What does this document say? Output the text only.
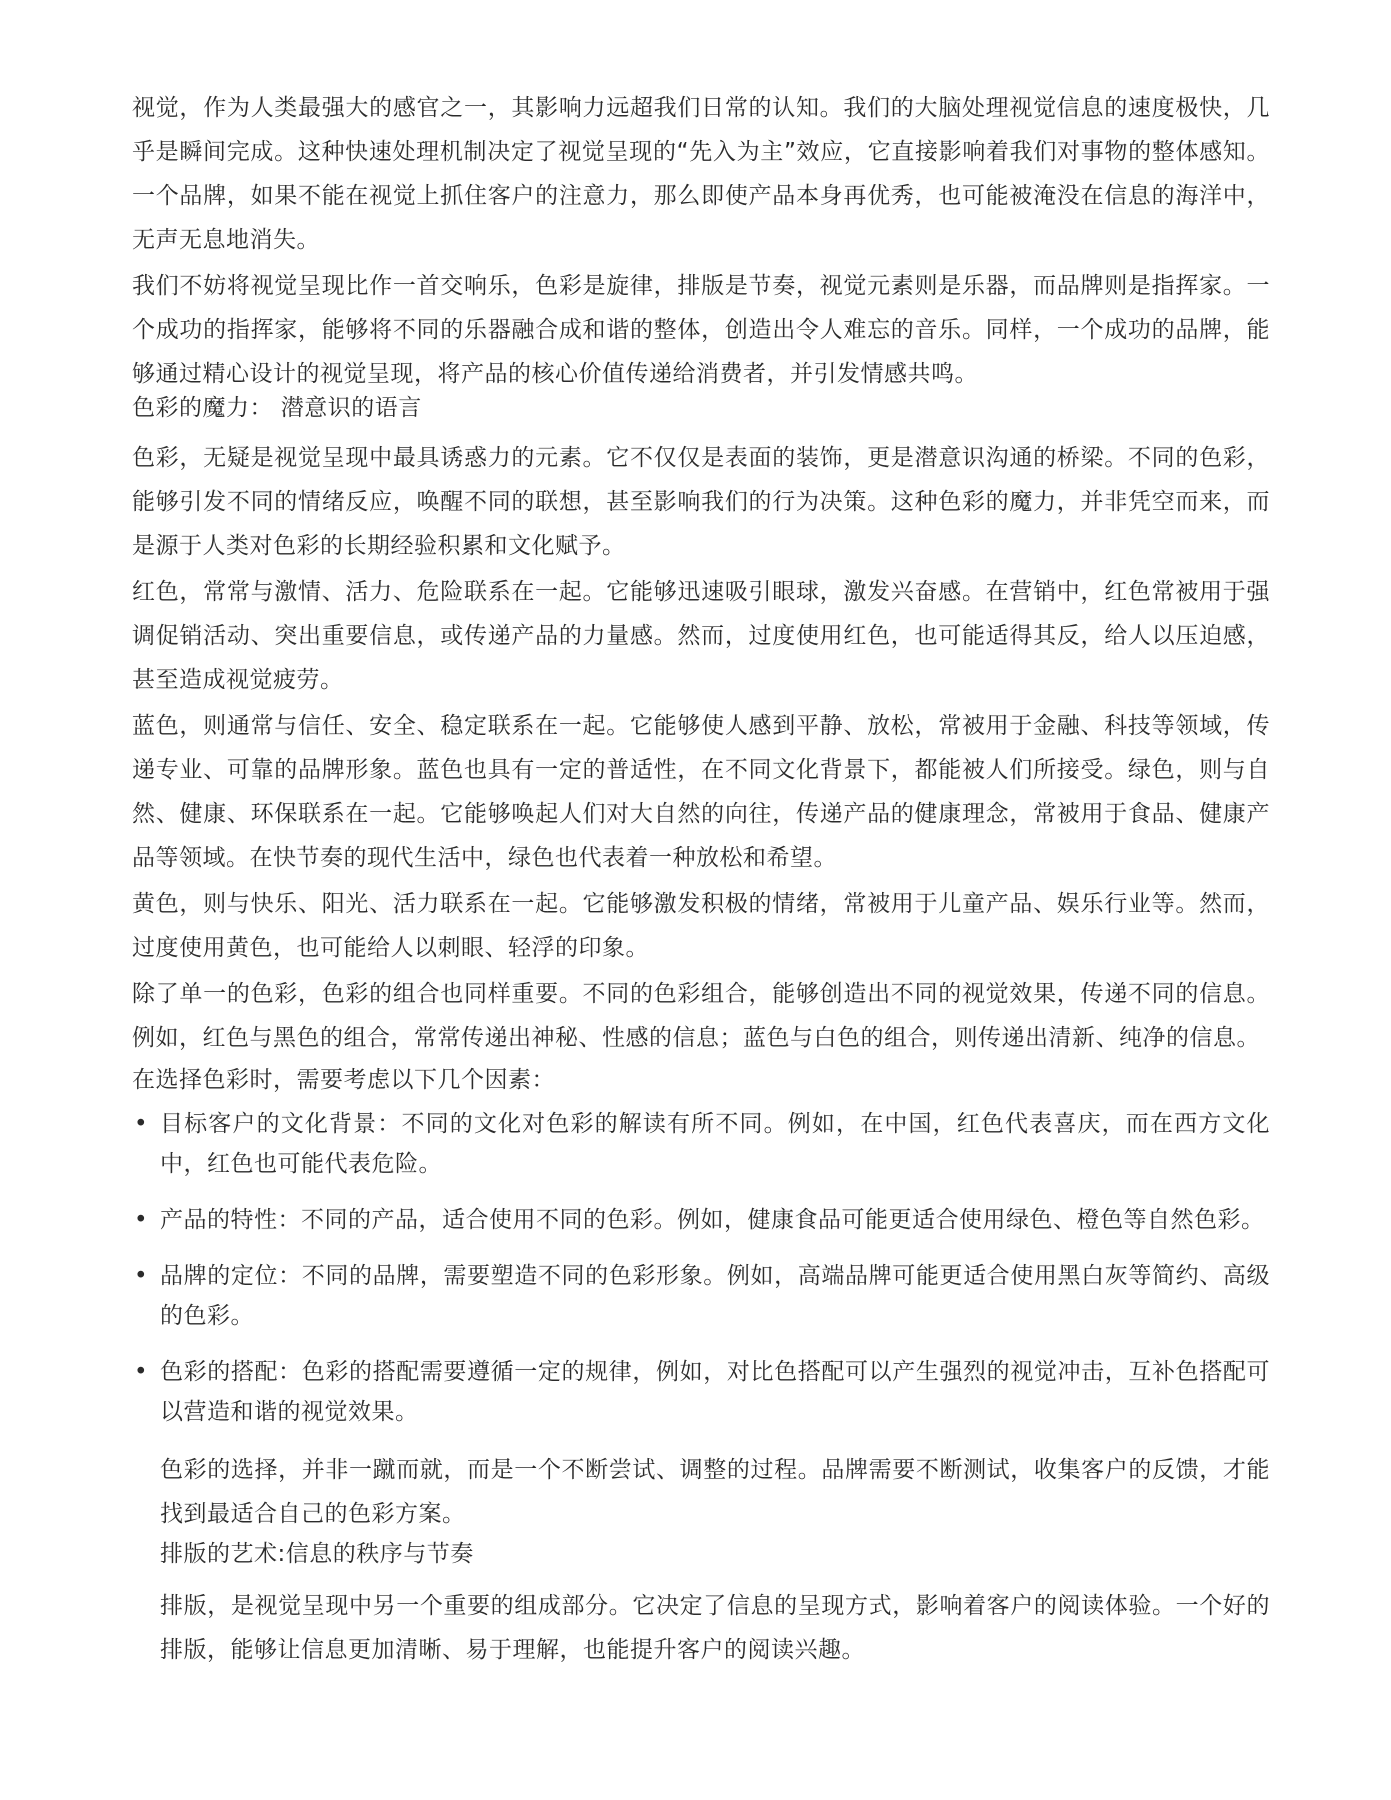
视觉，作为人类最强大的感官之一，其影响力远超我们日常的认知。我们的大脑处理视觉信息的速度极快，几乎是瞬间完成。这种快速处理机制决定了视觉呈现的“先入为主”效应，它直接影响着我们对事物的整体感知。一个品牌，如果不能在视觉上抓住客户的注意力，那么即使产品本身再优秀，也可能被淹没在信息的海洋中，无声无息地消失。

我们不妨将视觉呈现比作一首交响乐，色彩是旋律，排版是节奏，视觉元素则是乐器，而品牌则是指挥家。一个成功的指挥家，能够将不同的乐器融合成和谐的整体，创造出令人难忘的音乐。同样，一个成功的品牌，能够通过精心设计的视觉呈现，将产品的核心价值传递给消费者，并引发情感共鸣。

色彩的魔力： 潜意识的语言

色彩，无疑是视觉呈现中最具诱惑力的元素。它不仅仅是表面的装饰，更是潜意识沟通的桥梁。不同的色彩，能够引发不同的情绪反应，唤醒不同的联想，甚至影响我们的行为决策。这种色彩的魔力，并非凭空而来，而是源于人类对色彩的长期经验积累和文化赋予。

红色，常常与激情、活力、危险联系在一起。它能够迅速吸引眼球，激发兴奋感。在营销中，红色常被用于强调促销活动、突出重要信息，或传递产品的力量感。然而，过度使用红色，也可能适得其反，给人以压迫感，甚至造成视觉疲劳。

蓝色，则通常与信任、安全、稳定联系在一起。它能够使人感到平静、放松，常被用于金融、科技等领域，传递专业、可靠的品牌形象。蓝色也具有一定的普适性，在不同文化背景下，都能被人们所接受。绿色，则与自然、健康、环保联系在一起。它能够唤起人们对大自然的向往，传递产品的健康理念，常被用于食品、健康产品等领域。在快节奏的现代生活中，绿色也代表着一种放松和希望。

黄色，则与快乐、阳光、活力联系在一起。它能够激发积极的情绪，常被用于儿童产品、娱乐行业等。然而，过度使用黄色，也可能给人以刺眼、轻浮的印象。

除了单一的色彩，色彩的组合也同样重要。不同的色彩组合，能够创造出不同的视觉效果，传递不同的信息。例如，红色与黑色的组合，常常传递出神秘、性感的信息；蓝色与白色的组合，则传递出清新、纯净的信息。

在选择色彩时，需要考虑以下几个因素：
• 目标客户的文化背景：不同的文化对色彩的解读有所不同。例如，在中国，红色代表喜庆，而在西方文化中，红色也可能代表危险。
• 产品的特性：不同的产品，适合使用不同的色彩。例如，健康食品可能更适合使用绿色、橙色等自然色彩。
• 品牌的定位：不同的品牌，需要塑造不同的色彩形象。例如，高端品牌可能更适合使用黑白灰等简约、高级的色彩。
• 色彩的搭配：色彩的搭配需要遵循一定的规律，例如，对比色搭配可以产生强烈的视觉冲击，互补色搭配可以营造和谐的视觉效果。

色彩的选择，并非一蹴而就，而是一个不断尝试、调整的过程。品牌需要不断测试，收集客户的反馈，才能找到最适合自己的色彩方案。

排版的艺术:信息的秩序与节奏

排版，是视觉呈现中另一个重要的组成部分。它决定了信息的呈现方式，影响着客户的阅读体验。一个好的排版，能够让信息更加清晰、易于理解，也能提升客户的阅读兴趣。
